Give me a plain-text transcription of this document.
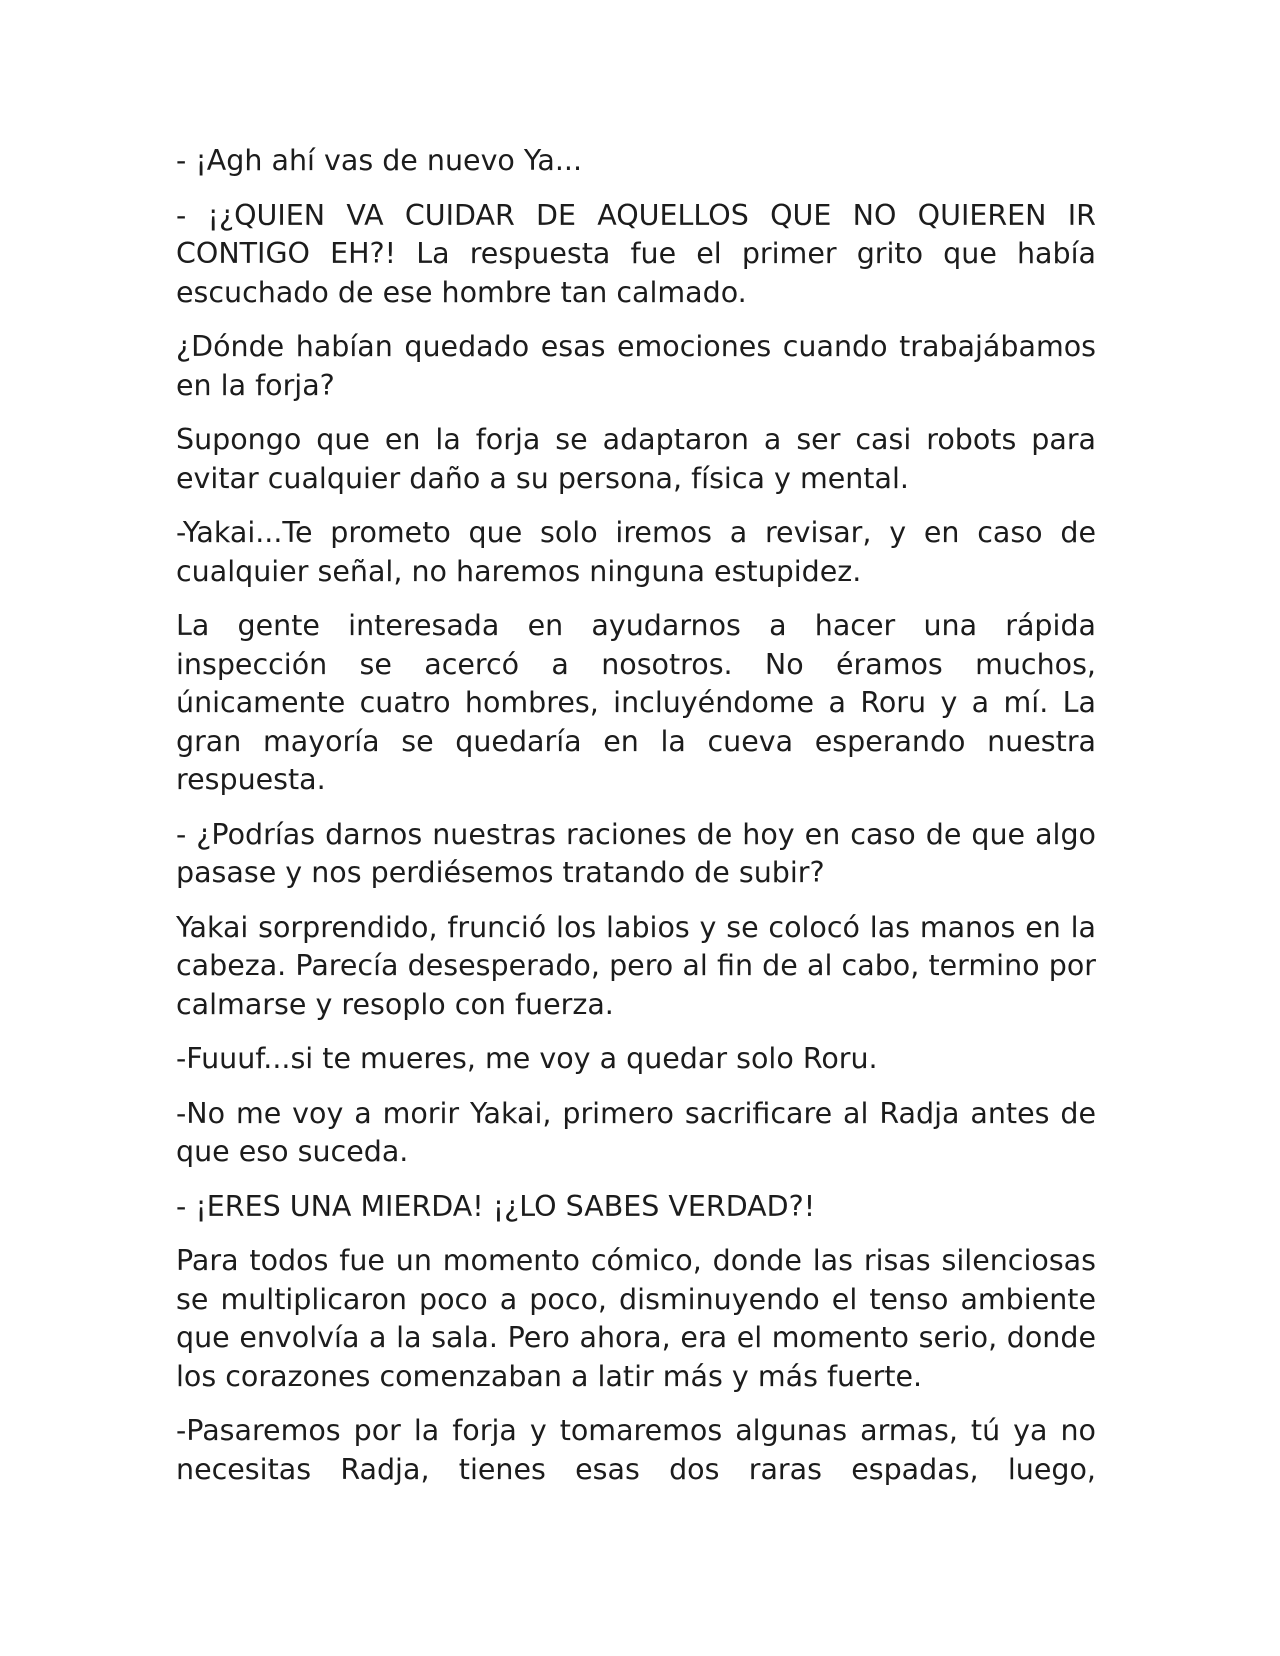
- ¡Agh ahí vas de nuevo Ya...

- ¡¿QUIEN VA CUIDAR DE AQUELLOS QUE NO QUIEREN IR CONTIGO EH?! La respuesta fue el primer grito que había escuchado de ese hombre tan calmado.

¿Dónde habían quedado esas emociones cuando trabajábamos en la forja?

Supongo que en la forja se adaptaron a ser casi robots para evitar cualquier daño a su persona, física y mental.

-Yakai...Te prometo que solo iremos a revisar, y en caso de cualquier señal, no haremos ninguna estupidez.

La gente interesada en ayudarnos a hacer una rápida inspección se acercó a nosotros. No éramos muchos, únicamente cuatro hombres, incluyéndome a Roru y a mí. La gran mayoría se quedaría en la cueva esperando nuestra respuesta.

- ¿Podrías darnos nuestras raciones de hoy en caso de que algo pasase y nos perdiésemos tratando de subir?

Yakai sorprendido, frunció los labios y se colocó las manos en la cabeza. Parecía desesperado, pero al fin de al cabo, termino por calmarse y resoplo con fuerza.

-Fuuuf...si te mueres, me voy a quedar solo Roru.

-No me voy a morir Yakai, primero sacrificare al Radja antes de que eso suceda.

- ¡ERES UNA MIERDA! ¡¿LO SABES VERDAD?!

Para todos fue un momento cómico, donde las risas silenciosas se multiplicaron poco a poco, disminuyendo el tenso ambiente que envolvía a la sala. Pero ahora, era el momento serio, donde los corazones comenzaban a latir más y más fuerte.

-Pasaremos por la forja y tomaremos algunas armas, tú ya no necesitas Radja, tienes esas dos raras espadas, luego,
